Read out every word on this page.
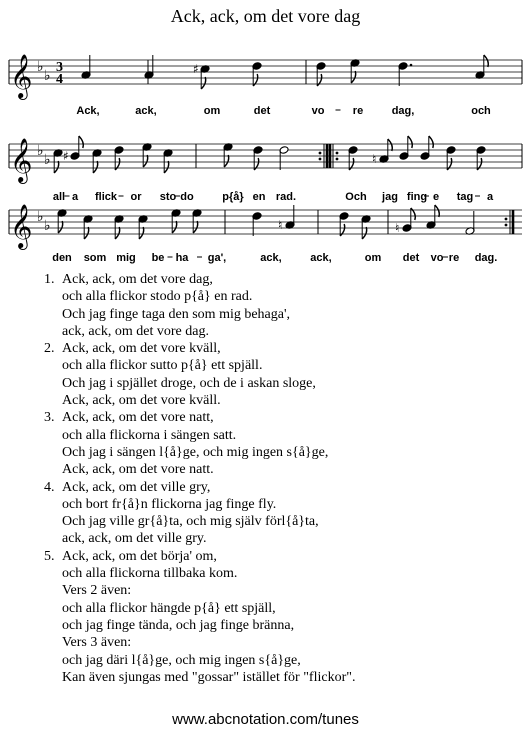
Ack, ack, om det vore dag
𝄞 ♭
♭
3
4
𝄞 ♭
♭
𝄞 ♭
♭
♯
♯	♮
♮	♮
Ack,	ack,	om	det	vo	re	dag,	och
all a flick or sto do	p{å} en rad.	Och jag fing e tag a
den som mig be ha ga',	ack,	ack,	om det vo re dag.
1. Ack, ack, om det vore dag,
och alla flickor stodo p{å} en rad.
Och jag finge taga den som mig behaga',
ack, ack, om det vore dag.
2. Ack, ack, om det vore kväll,
och alla flickor sutto p{å} ett spjäll.
Och jag i spjället droge, och de i askan sloge,
Ack, ack, om det vore kväll.
3. Ack, ack, om det vore natt,
och alla flickorna i sängen satt.
Och jag i sängen l{å}ge, och mig ingen s{å}ge,
Ack, ack, om det vore natt.
4. Ack, ack, om det ville gry,
och bort fr{å}n flickorna jag finge fly.
Och jag ville gr{å}ta, och mig själv förl{å}ta,
ack, ack, om det ville gry.
5. Ack, ack, om det börja' om,
och alla flickorna tillbaka kom.
Vers 2 även:
och alla flickor hängde p{å} ett spjäll,
och jag finge tända, och jag finge bränna,
Vers 3 även:
och jag däri l{å}ge, och mig ingen s{å}ge,
Kan även sjungas med "gossar" istället för "flickor".
www.abcnotation.com/tunes
